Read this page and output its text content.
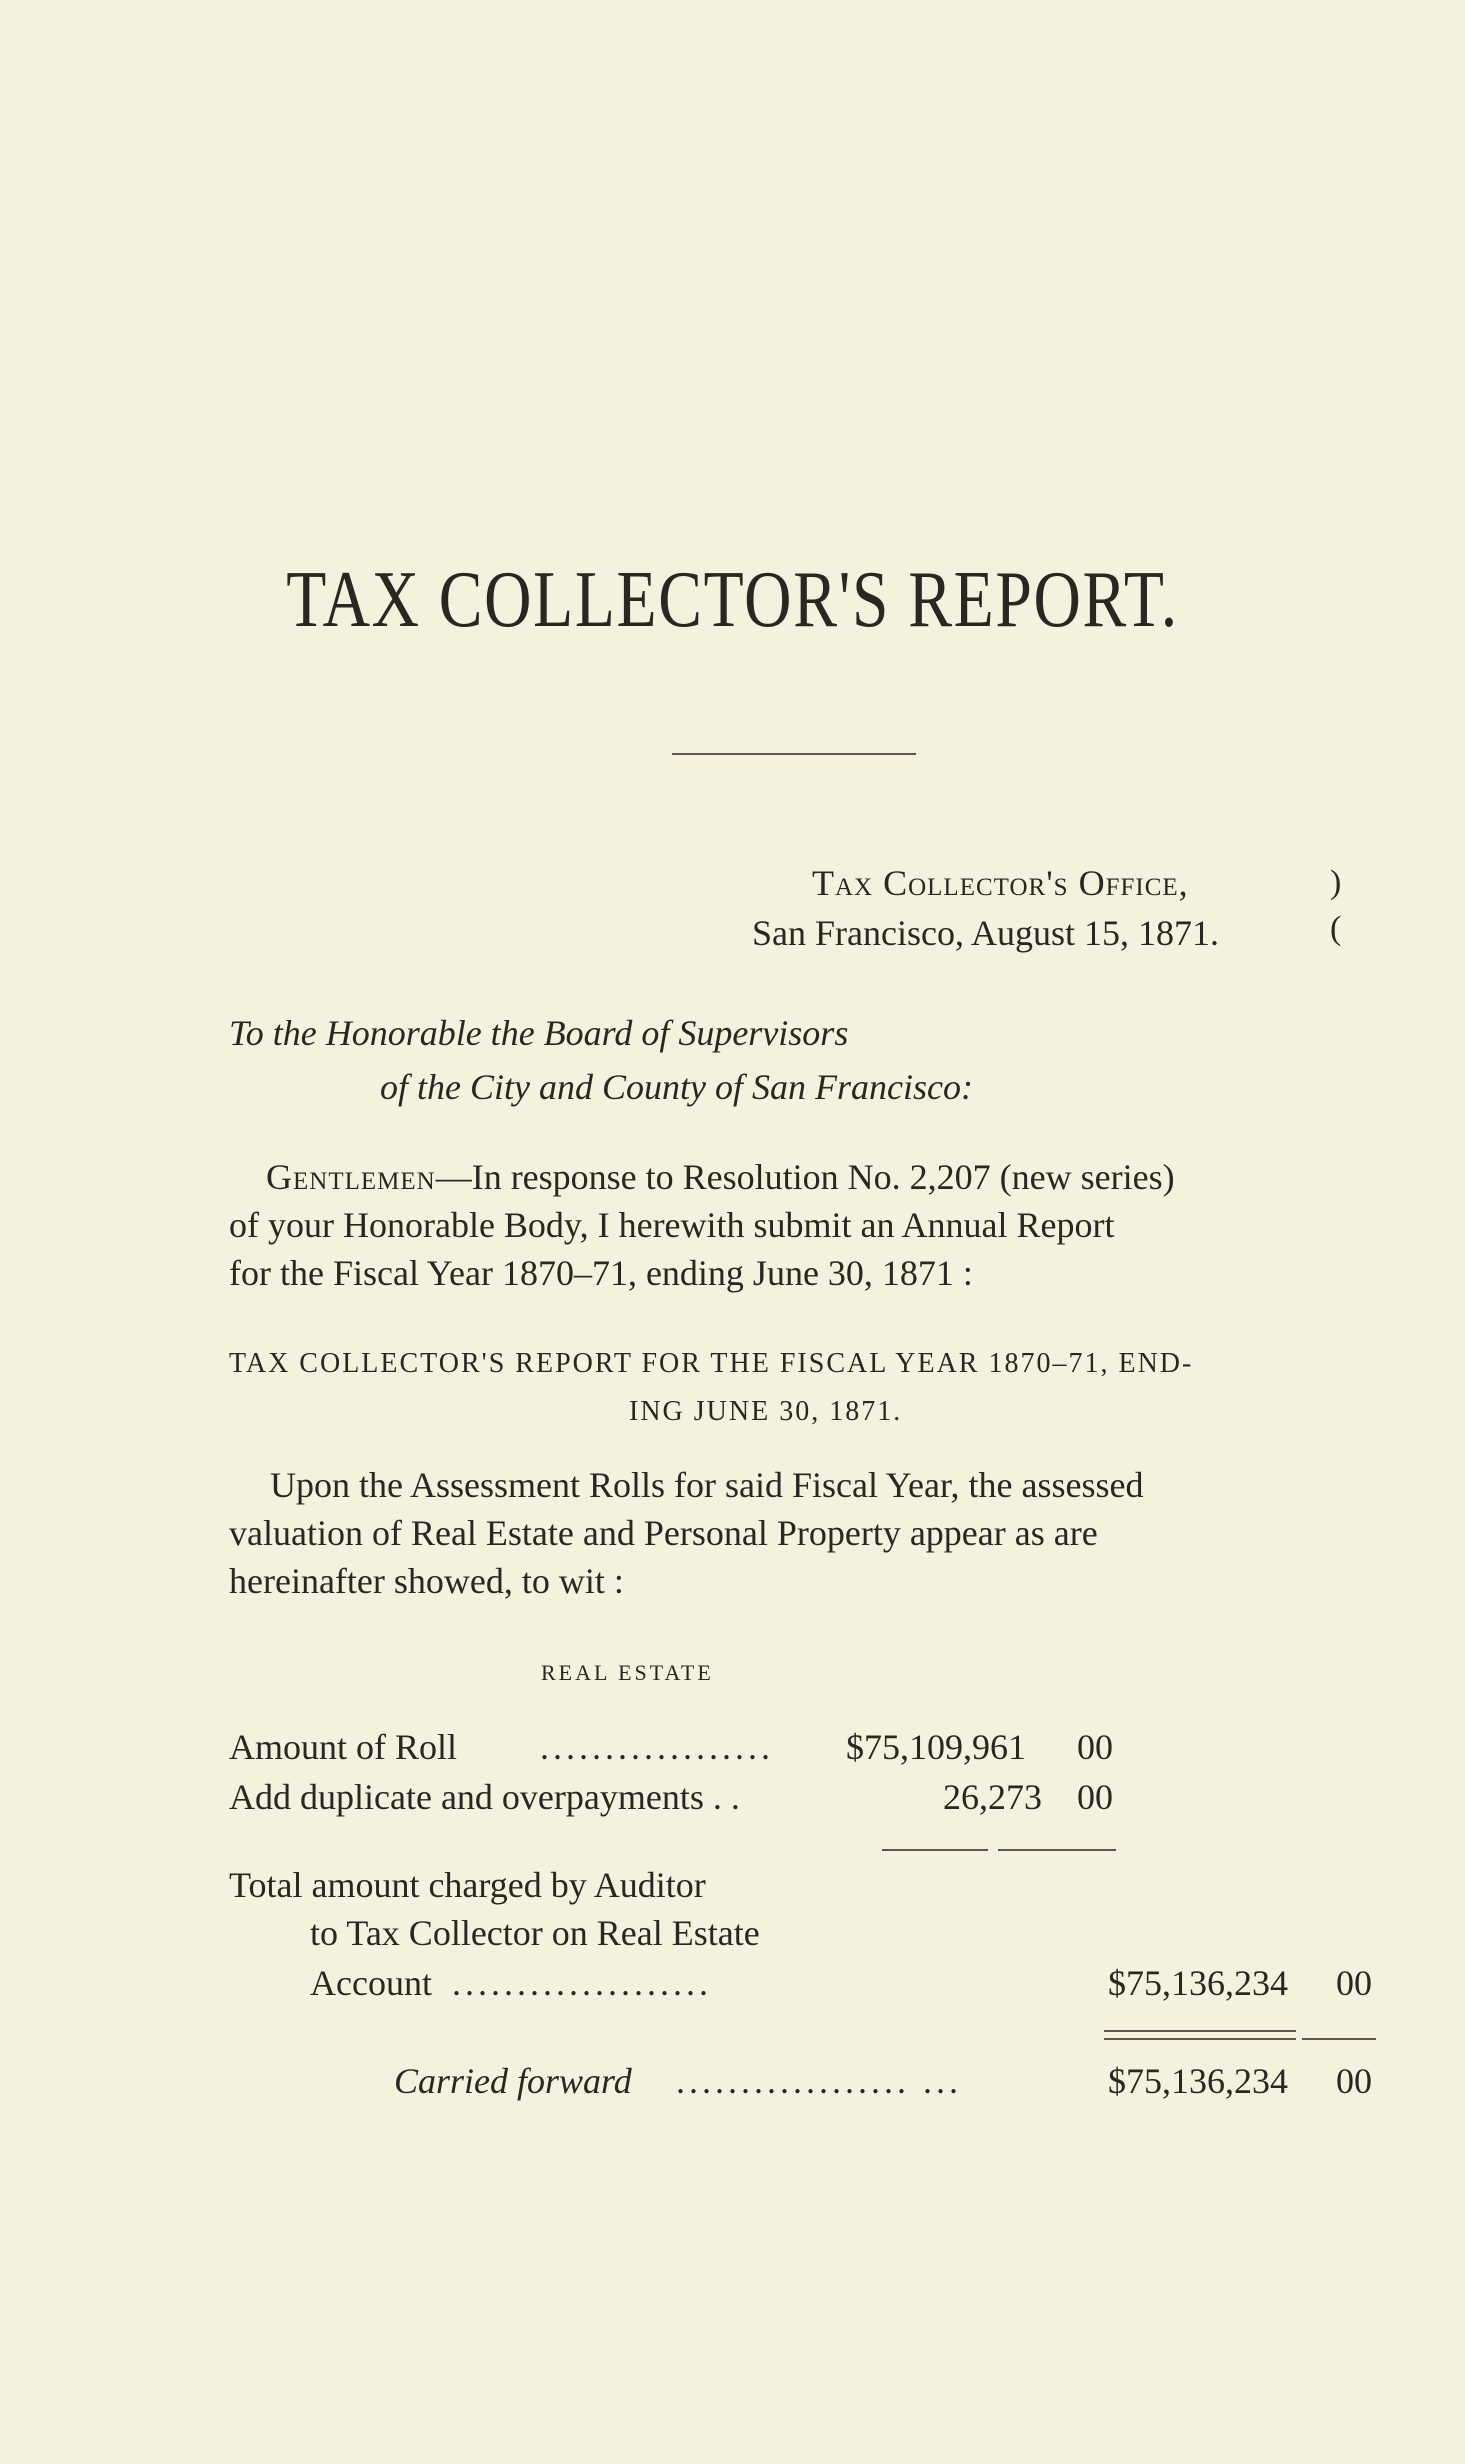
TAX COLLECTOR'S REPORT.
Tax Collector's Office,
San Francisco, August 15, 1871.
)
(
To the Honorable the Board of Supervisors
of the City and County of San Francisco:
Gentlemen—In response to Resolution No. 2,207 (new series)
of your Honorable Body, I herewith submit an Annual Report
for the Fiscal Year 1870–71, ending June 30, 1871 :
TAX COLLECTOR'S REPORT FOR THE FISCAL YEAR 1870–71, END-
ING JUNE 30, 1871.
Upon the Assessment Rolls for said Fiscal Year, the assessed
valuation of Real Estate and Personal Property appear as are
hereinafter showed, to wit :
REAL ESTATE
Amount of Roll .................. $75,109,961 00
Add duplicate and overpayments . .	26,273 00
Total amount charged by Auditor
to Tax Collector on Real Estate
Account ....................	$75,136,234 00
Carried forward .................. ...	$75,136,234 00
